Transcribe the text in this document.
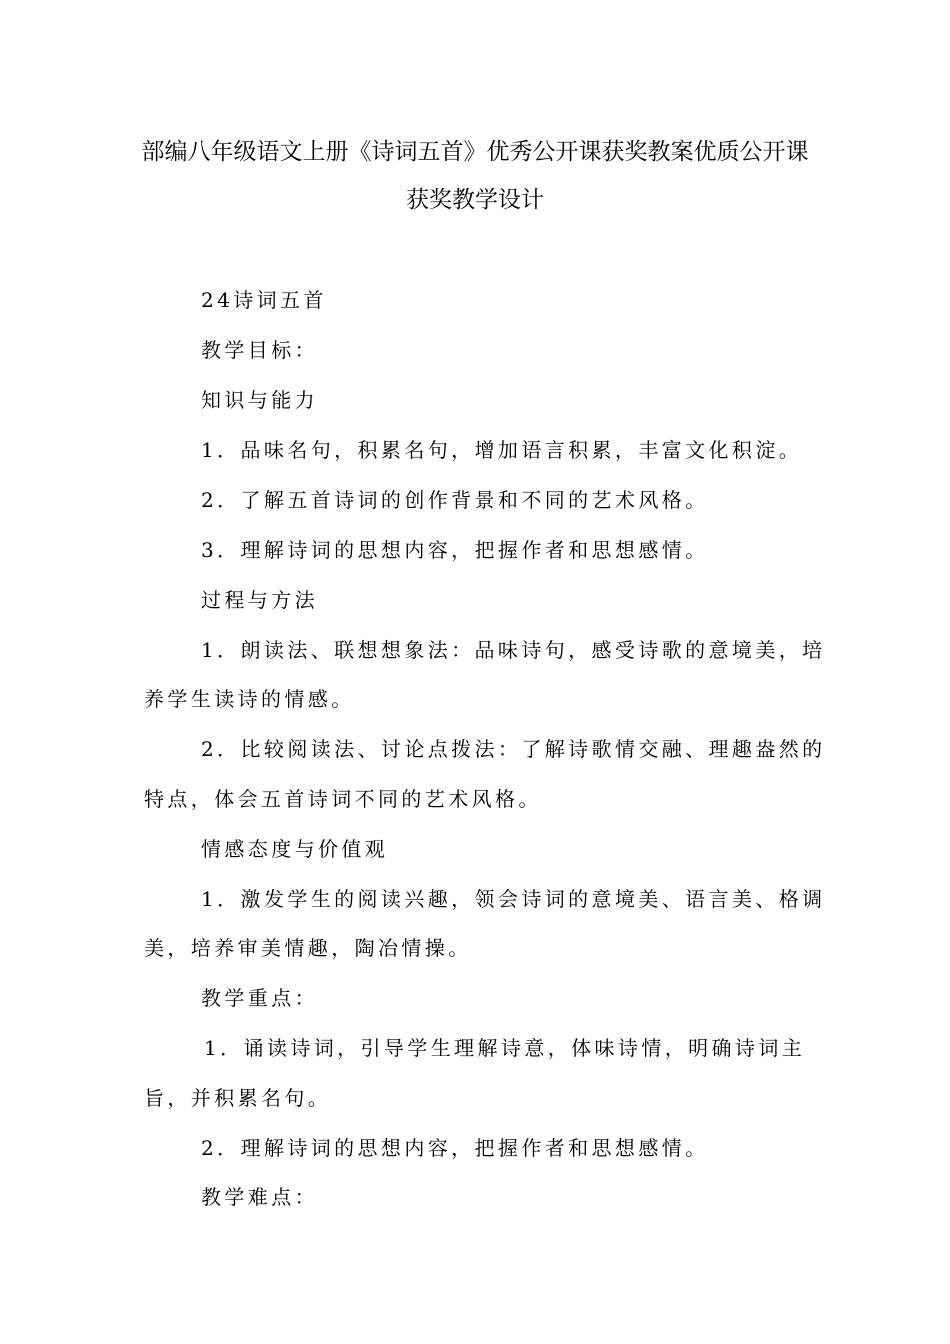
部编八年级语文上册《诗词五首》优秀公开课获奖教案优质公开课
获奖教学设计
24诗词五首
教学目标：
知识与能力
1．品味名句，积累名句，增加语言积累，丰富文化积淀。
2．了解五首诗词的创作背景和不同的艺术风格。
3．理解诗词的思想内容，把握作者和思想感情。
过程与方法
1．朗读法、联想想象法：品味诗句，感受诗歌的意境美，培
养学生读诗的情感。
2．比较阅读法、讨论点拨法：了解诗歌情交融、理趣盎然的
特点，体会五首诗词不同的艺术风格。
情感态度与价值观
1．激发学生的阅读兴趣，领会诗词的意境美、语言美、格调
美，培养审美情趣，陶冶情操。
教学重点：
1．诵读诗词，引导学生理解诗意，体味诗情，明确诗词主
旨，并积累名句。
2．理解诗词的思想内容，把握作者和思想感情。
教学难点：
